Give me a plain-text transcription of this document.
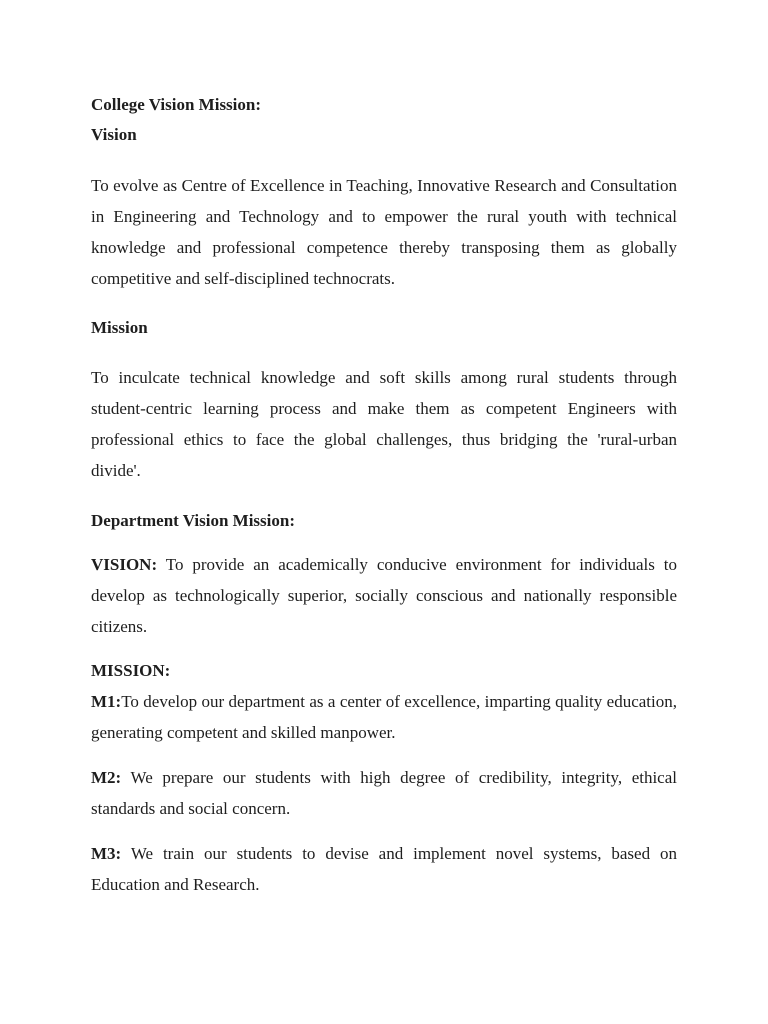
College Vision Mission:
Vision
To evolve as Centre of Excellence in Teaching, Innovative Research and Consultation in Engineering and Technology and to empower the rural youth with technical knowledge and professional competence thereby transposing them as globally competitive and self-disciplined technocrats.
Mission
To inculcate technical knowledge and soft skills among rural students through student-centric learning process and make them as competent Engineers with professional ethics to face the global challenges, thus bridging the 'rural-urban divide'.
Department Vision Mission:
VISION: To provide an academically conducive environment for individuals to develop as technologically superior, socially conscious and nationally responsible citizens.
MISSION:
M1:To develop our department as a center of excellence, imparting quality education, generating competent and skilled manpower.
M2: We prepare our students with high degree of credibility, integrity, ethical standards and social concern.
M3: We train our students to devise and implement novel systems, based on Education and Research.
